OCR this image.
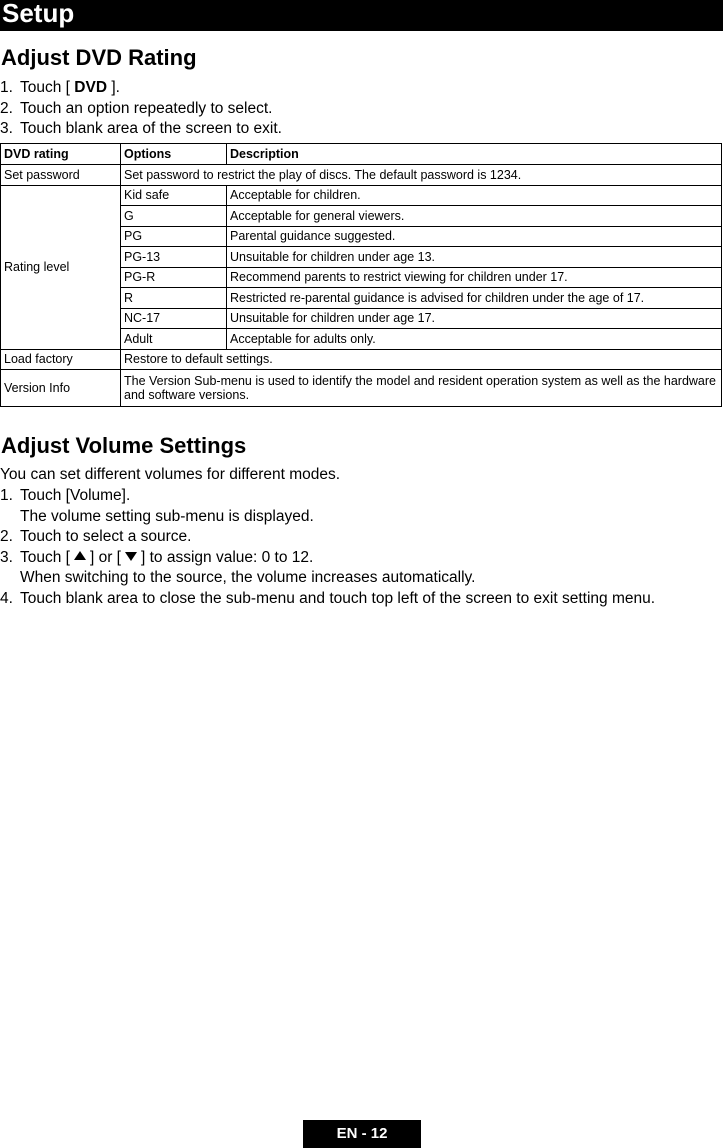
Setup
Adjust DVD Rating
1. Touch [ DVD ].
2. Touch an option repeatedly to select.
3. Touch blank area of the screen to exit.
DVD rating	Options	Description
Set password	Set password to restrict the play of discs. The default password is 1234.	
Rating level	Kid safe	Acceptable for children.
	G	Acceptable for general viewers.
	PG	Parental guidance suggested.
	PG-13	Unsuitable for children under age 13.
	PG-R	Recommend parents to restrict viewing for children under 17.
	R	Restricted re-parental guidance is advised for children under the age of 17.
	NC-17	Unsuitable for children under age 17.
	Adult	Acceptable for adults only.
Load factory	Restore to default settings.	
Version Info	The Version Sub-menu is used to identify the model and resident operation system as well as the hardware and software versions.	
Adjust Volume Settings
You can set different volumes for different modes.
1. Touch [Volume].
The volume setting sub-menu is displayed.
2. Touch to select a source.
3. Touch [ ] or [ ] to assign value: 0 to 12.
When switching to the source, the volume increases automatically.
4. Touch blank area to close the sub-menu and touch top left of the screen to exit setting menu.
EN - 12
